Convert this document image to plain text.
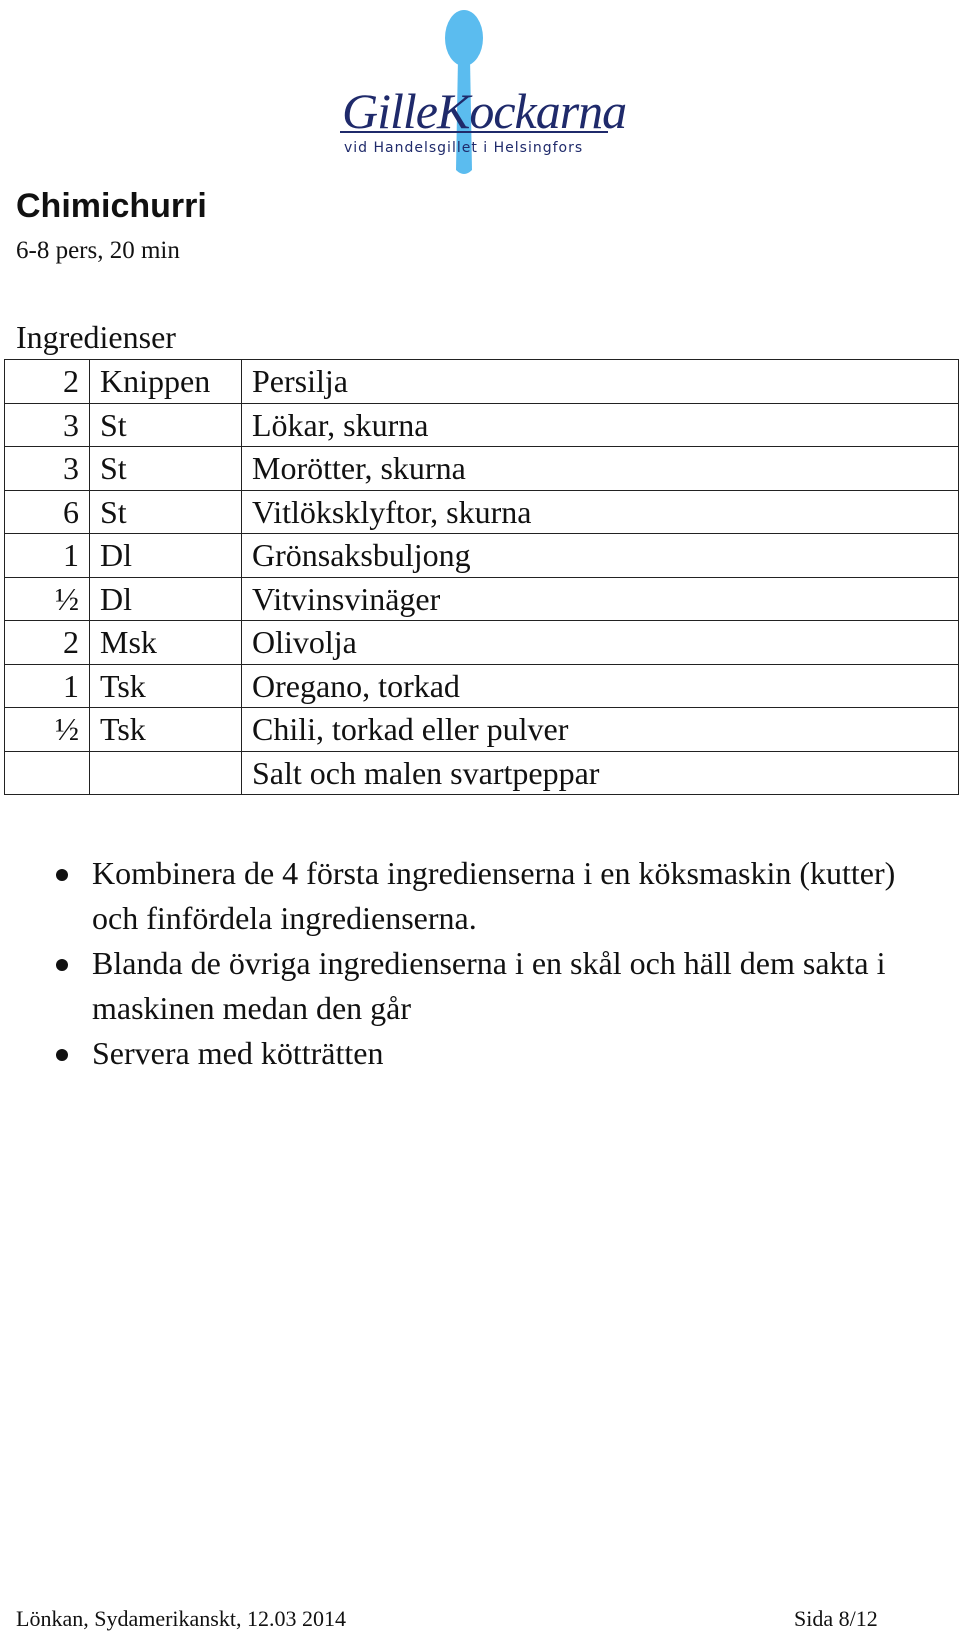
GilleKockarna
vid Handelsgillet i Helsingfors
Chimichurri
6-8 pers, 20 min
Ingredienser
2	Knippen	Persilja
3	St	Lökar, skurna
3	St	Morötter, skurna
6	St	Vitlöksklyftor, skurna
1	Dl	Grönsaksbuljong
½	Dl	Vitvinsvinäger
2	Msk	Olivolja
1	Tsk	Oregano, torkad
½	Tsk	Chili, torkad eller pulver
		Salt och malen svartpeppar
Kombinera de 4 första ingredienserna i en köksmaskin (kutter) och finfördela ingredienserna.
Blanda de övriga ingredienserna i en skål och häll dem sakta i maskinen medan den går
Servera med kötträtten
Lönkan, Sydamerikanskt, 12.03 2014	Sida 8/12
